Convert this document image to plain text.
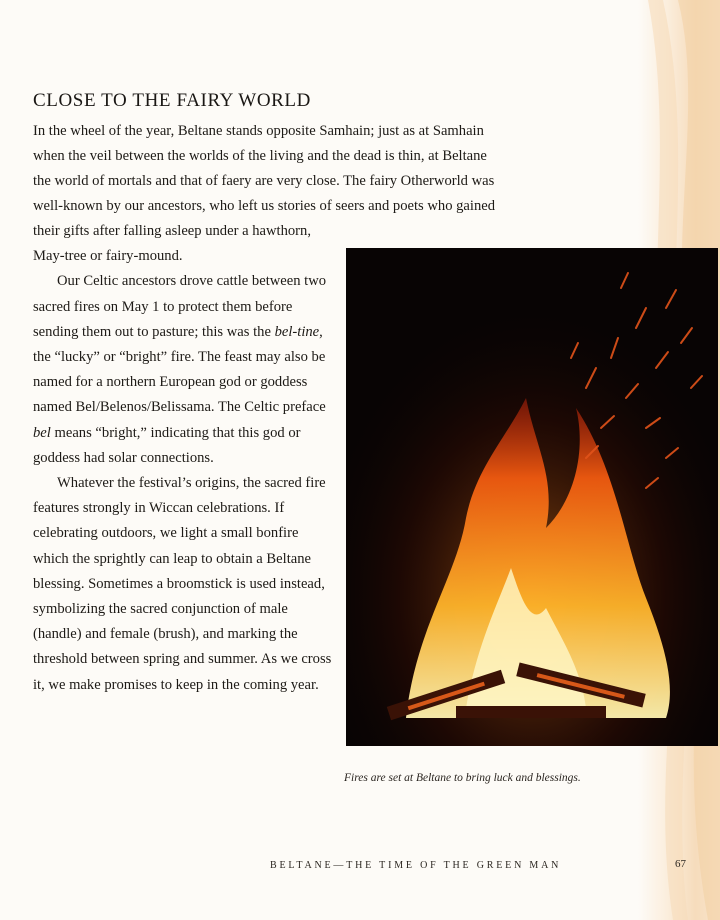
CLOSE TO THE FAIRY WORLD
In the wheel of the year, Beltane stands opposite Samhain; just as at Samhain
when the veil between the worlds of the living and the dead is thin, at Beltane
the world of mortals and that of faery are very close. The fairy Otherworld was
well-known by our ancestors, who left us stories of seers and poets who gained

their gifts after falling asleep under a hawthorn, May-tree or fairy-mound.

Our Celtic ancestors drove cattle between two sacred fires on May 1 to protect them before sending them out to pasture; this was the bel-tine, the “lucky” or “bright” fire. The feast may also be named for a northern European god or goddess named Bel/Belenos/Belissama. The Celtic preface bel means “bright,” indicating that this god or goddess had solar connections.

Whatever the festival’s origins, the sacred fire features strongly in Wiccan celebrations. If celebrating outdoors, we light a small bonfire which the sprightly can leap to obtain a Beltane blessing. Sometimes a broomstick is used instead, symbolizing the sacred conjunction of male (handle) and female (brush), and marking the threshold between spring and summer. As we cross it, we make promises to keep in the coming year.

Fires are set at Beltane to bring luck and blessings.
BELTANE—THE TIME OF THE GREEN MAN	67
